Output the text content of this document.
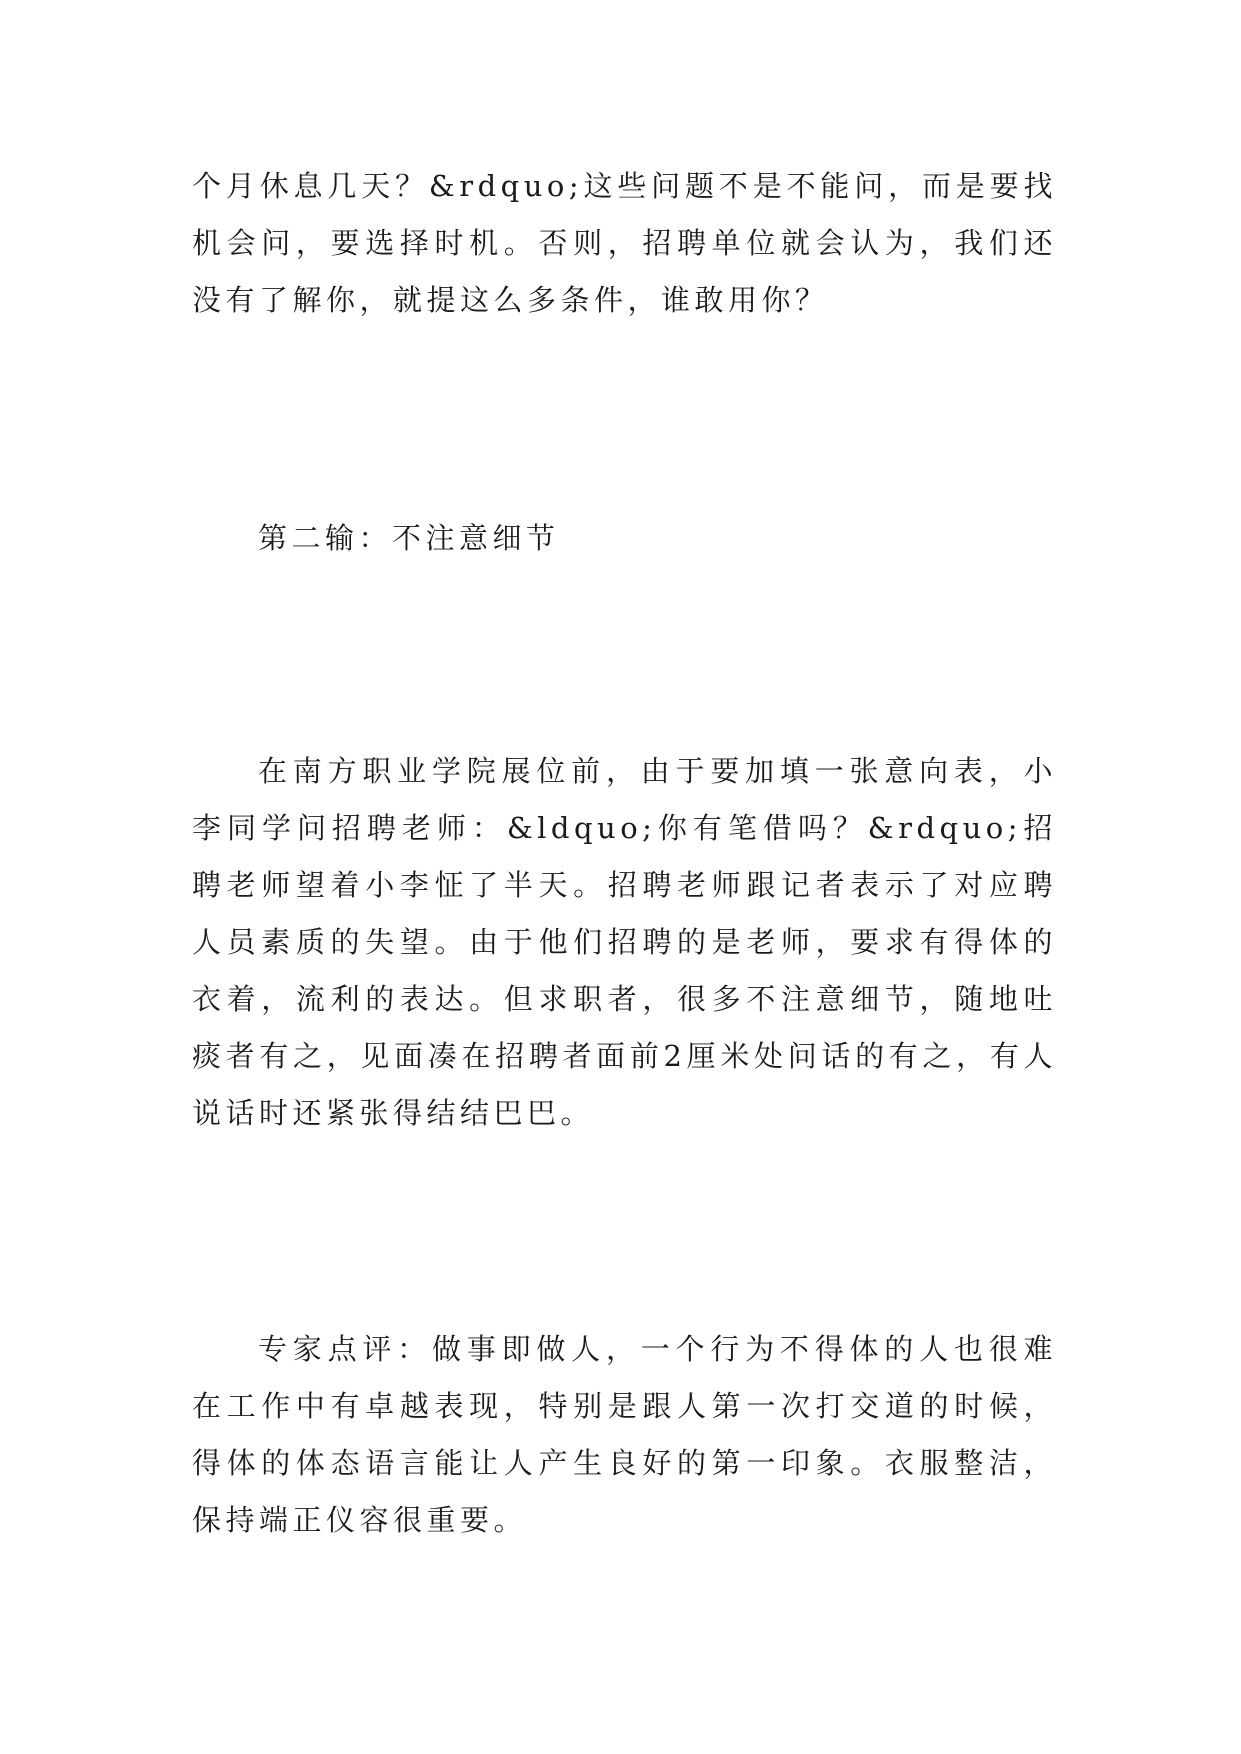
个月休息几天？&rdquo;这些问题不是不能问，而是要找机会问，要选择时机。否则，招聘单位就会认为，我们还没有了解你，就提这么多条件，谁敢用你？

第二输：不注意细节

在南方职业学院展位前，由于要加填一张意向表，小李同学问招聘老师：&ldquo;你有笔借吗？&rdquo;招聘老师望着小李怔了半天。招聘老师跟记者表示了对应聘人员素质的失望。由于他们招聘的是老师，要求有得体的衣着，流利的表达。但求职者，很多不注意细节，随地吐痰者有之，见面凑在招聘者面前2厘米处问话的有之，有人说话时还紧张得结结巴巴。

专家点评：做事即做人，一个行为不得体的人也很难在工作中有卓越表现，特别是跟人第一次打交道的时候，得体的体态语言能让人产生良好的第一印象。衣服整洁，保持端正仪容很重要。
